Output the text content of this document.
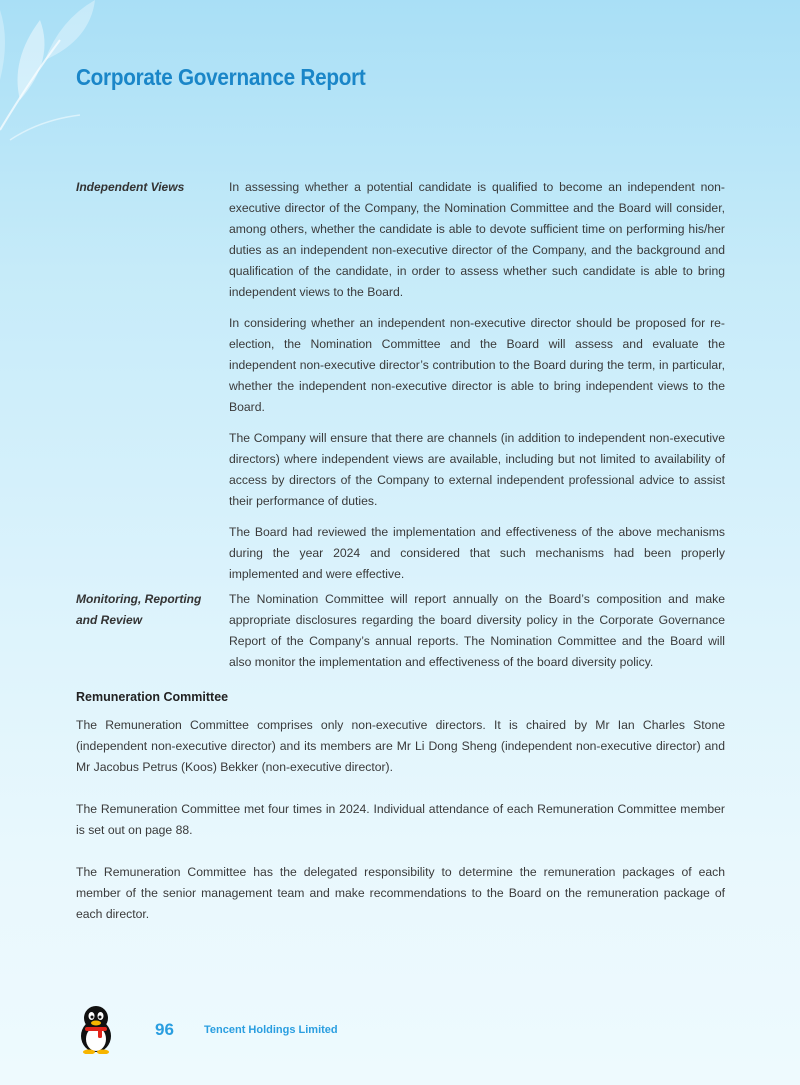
Corporate Governance Report
Independent Views	In assessing whether a potential candidate is qualified to become an independent non-executive director of the Company, the Nomination Committee and the Board will consider, among others, whether the candidate is able to devote sufficient time on performing his/her duties as an independent non-executive director of the Company, and the background and qualification of the candidate, in order to assess whether such candidate is able to bring independent views to the Board.

In considering whether an independent non-executive director should be proposed for re-election, the Nomination Committee and the Board will assess and evaluate the independent non-executive director’s contribution to the Board during the term, in particular, whether the independent non-executive director is able to bring independent views to the Board.

The Company will ensure that there are channels (in addition to independent non-executive directors) where independent views are available, including but not limited to availability of access by directors of the Company to external independent professional advice to assist their performance of duties.

The Board had reviewed the implementation and effectiveness of the above mechanisms during the year 2024 and considered that such mechanisms had been properly implemented and were effective.

Monitoring, Reporting
and Review

The Nomination Committee will report annually on the Board’s composition and make appropriate disclosures regarding the board diversity policy in the Corporate Governance Report of the Company’s annual reports. The Nomination Committee and the Board will also monitor the implementation and effectiveness of the board diversity policy.

Remuneration Committee

The Remuneration Committee comprises only non-executive directors. It is chaired by Mr Ian Charles Stone (independent non-executive director) and its members are Mr Li Dong Sheng (independent non-executive director) and Mr Jacobus Petrus (Koos) Bekker (non-executive director).

The Remuneration Committee met four times in 2024. Individual attendance of each Remuneration Committee member is set out on page 88.

The Remuneration Committee has the delegated responsibility to determine the remuneration packages of each member of the senior management team and make recommendations to the Board on the remuneration package of each director.

96	Tencent Holdings Limited
